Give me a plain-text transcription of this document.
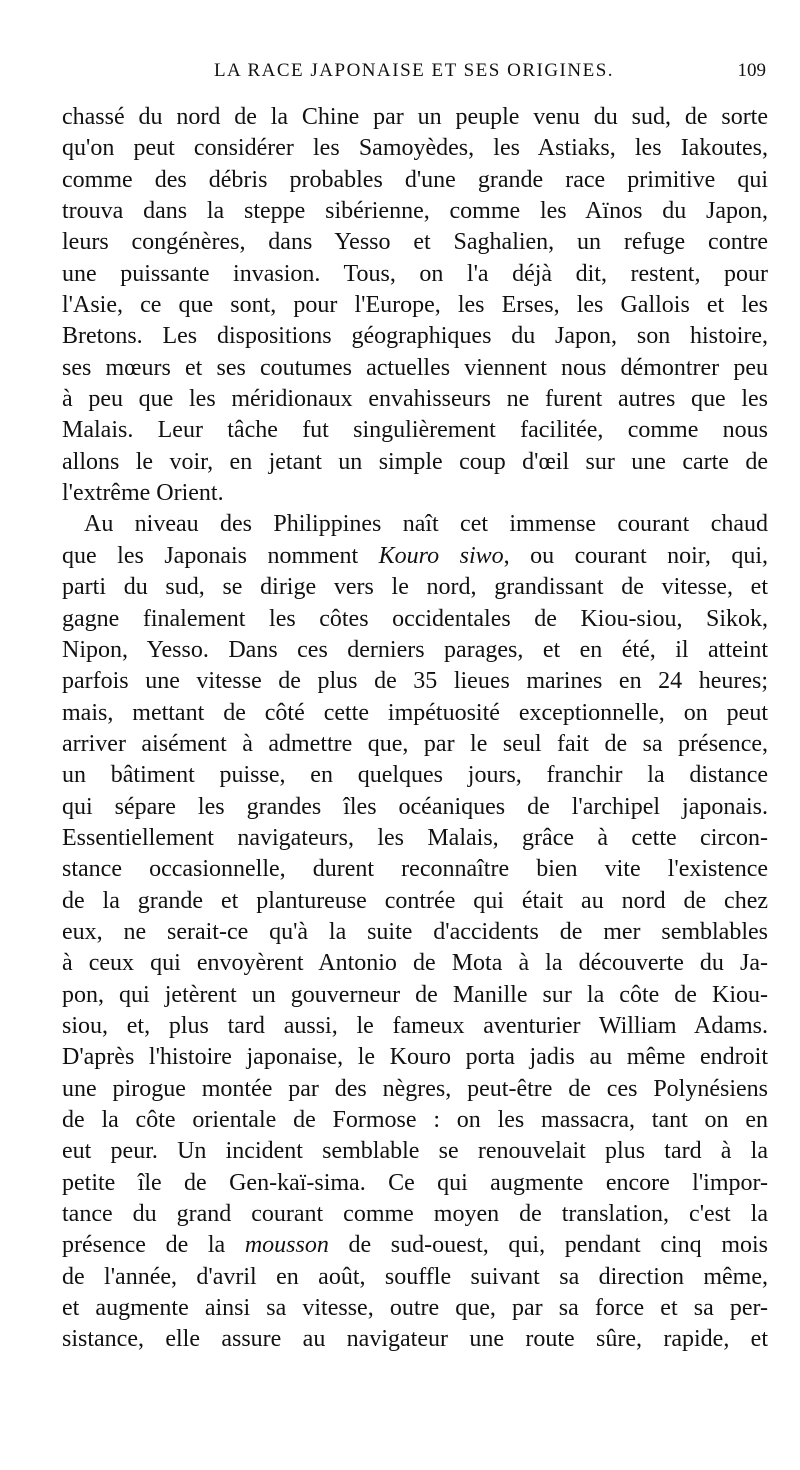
LA RACE JAPONAISE ET SES ORIGINES.	109
chassé du nord de la Chine par un peuple venu du sud, de sorte
qu'on peut considérer les Samoyèdes, les Astiaks, les Iakoutes,
comme des débris probables d'une grande race primitive qui
trouva dans la steppe sibérienne, comme les Aïnos du Japon,
leurs congénères, dans Yesso et Saghalien, un refuge contre
une puissante invasion. Tous, on l'a déjà dit, restent, pour
l'Asie, ce que sont, pour l'Europe, les Erses, les Gallois et les
Bretons. Les dispositions géographiques du Japon, son histoire,
ses mœurs et ses coutumes actuelles viennent nous démontrer peu
à peu que les méridionaux envahisseurs ne furent autres que les
Malais. Leur tâche fut singulièrement facilitée, comme nous
allons le voir, en jetant un simple coup d'œil sur une carte de
l'extrême Orient.
Au niveau des Philippines naît cet immense courant chaud
que les Japonais nomment Kouro siwo, ou courant noir, qui,
parti du sud, se dirige vers le nord, grandissant de vitesse, et
gagne finalement les côtes occidentales de Kiou-siou, Sikok,
Nipon, Yesso. Dans ces derniers parages, et en été, il atteint
parfois une vitesse de plus de 35 lieues marines en 24 heures;
mais, mettant de côté cette impétuosité exceptionnelle, on peut
arriver aisément à admettre que, par le seul fait de sa présence,
un bâtiment puisse, en quelques jours, franchir la distance
qui sépare les grandes îles océaniques de l'archipel japonais.
Essentiellement navigateurs, les Malais, grâce à cette circon-
stance occasionnelle, durent reconnaître bien vite l'existence
de la grande et plantureuse contrée qui était au nord de chez
eux, ne serait-ce qu'à la suite d'accidents de mer semblables
à ceux qui envoyèrent Antonio de Mota à la découverte du Ja-
pon, qui jetèrent un gouverneur de Manille sur la côte de Kiou-
siou, et, plus tard aussi, le fameux aventurier William Adams.
D'après l'histoire japonaise, le Kouro porta jadis au même endroit
une pirogue montée par des nègres, peut-être de ces Polynésiens
de la côte orientale de Formose : on les massacra, tant on en
eut peur. Un incident semblable se renouvelait plus tard à la
petite île de Gen-kaï-sima. Ce qui augmente encore l'impor-
tance du grand courant comme moyen de translation, c'est la
présence de la mousson de sud-ouest, qui, pendant cinq mois
de l'année, d'avril en août, souffle suivant sa direction même,
et augmente ainsi sa vitesse, outre que, par sa force et sa per-
sistance, elle assure au navigateur une route sûre, rapide, et
